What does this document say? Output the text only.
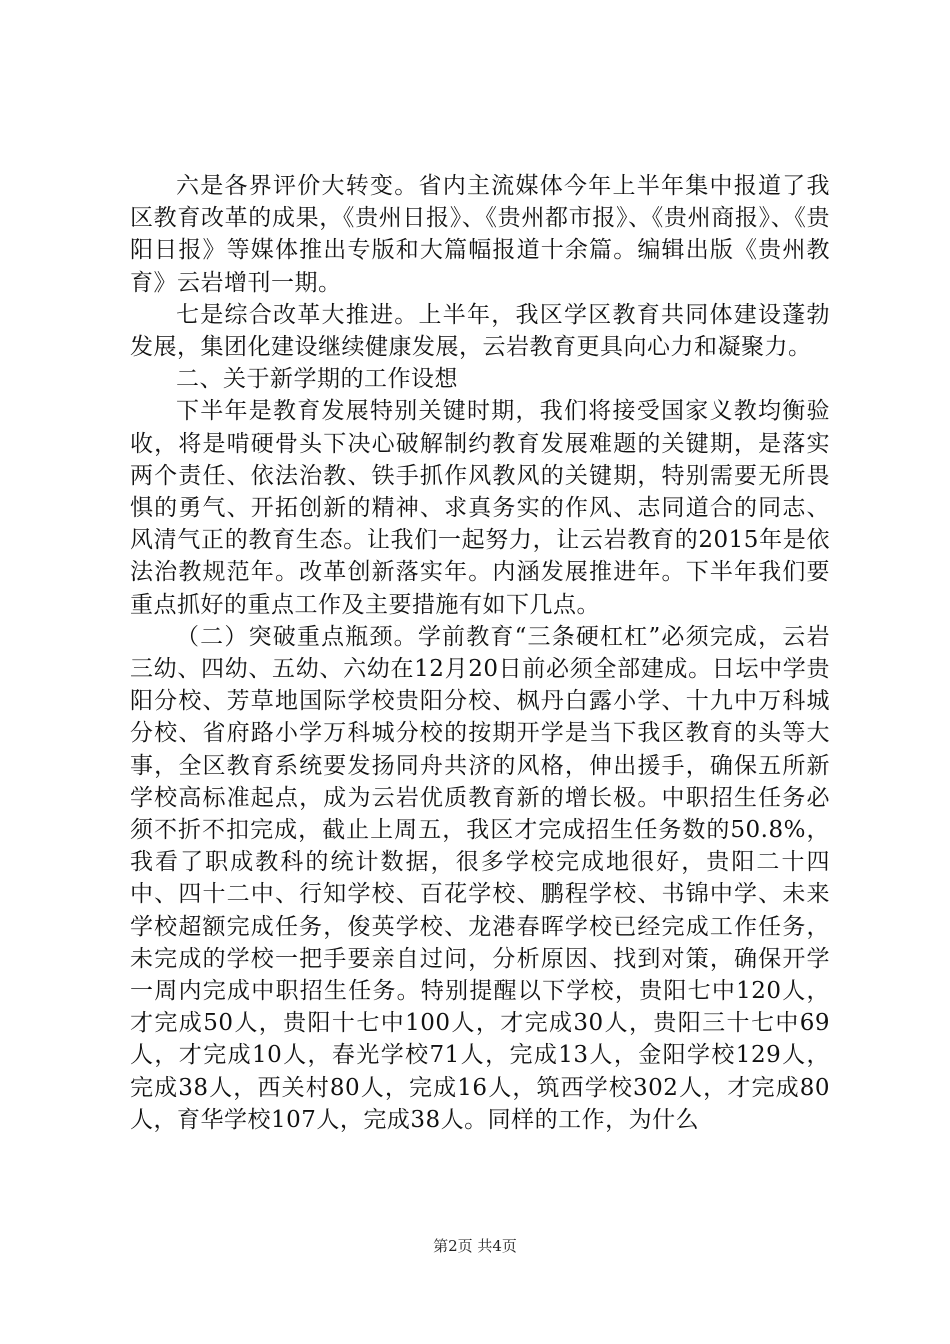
六是各界评价大转变。省内主流媒体今年上半年集中报道了我区教育改革的成果，《贵州日报》、《贵州都市报》、《贵州商报》、《贵阳日报》等媒体推出专版和大篇幅报道十余篇。编辑出版《贵州教育》云岩增刊一期。

七是综合改革大推进。上半年，我区学区教育共同体建设蓬勃发展，集团化建设继续健康发展，云岩教育更具向心力和凝聚力。

二、关于新学期的工作设想

下半年是教育发展特别关键时期，我们将接受国家义教均衡验收，将是啃硬骨头下决心破解制约教育发展难题的关键期，是落实两个责任、依法治教、铁手抓作风教风的关键期，特别需要无所畏惧的勇气、开拓创新的精神、求真务实的作风、志同道合的同志、风清气正的教育生态。让我们一起努力，让云岩教育的2015年是依法治教规范年。改革创新落实年。内涵发展推进年。下半年我们要重点抓好的重点工作及主要措施有如下几点。

（二）突破重点瓶颈。学前教育“三条硬杠杠”必须完成，云岩三幼、四幼、五幼、六幼在12月20日前必须全部建成。日坛中学贵阳分校、芳草地国际学校贵阳分校、枫丹白露小学、十九中万科城分校、省府路小学万科城分校的按期开学是当下我区教育的头等大事，全区教育系统要发扬同舟共济的风格，伸出援手，确保五所新学校高标准起点，成为云岩优质教育新的增长极。中职招生任务必须不折不扣完成，截止上周五，我区才完成招生任务数的50.8%，我看了职成教科的统计数据，很多学校完成地很好，贵阳二十四中、四十二中、行知学校、百花学校、鹏程学校、书锦中学、未来学校超额完成任务，俊英学校、龙港春晖学校已经完成工作任务，未完成的学校一把手要亲自过问，分析原因、找到对策，确保开学一周内完成中职招生任务。特别提醒以下学校，贵阳七中120人，才完成50人，贵阳十七中100人，才完成30人，贵阳三十七中69人，才完成10人，春光学校71人，完成13人，金阳学校129人，完成38人，西关村80人，完成16人，筑西学校302人，才完成80人，育华学校107人，完成38人。同样的工作，为什么

第2页 共4页
